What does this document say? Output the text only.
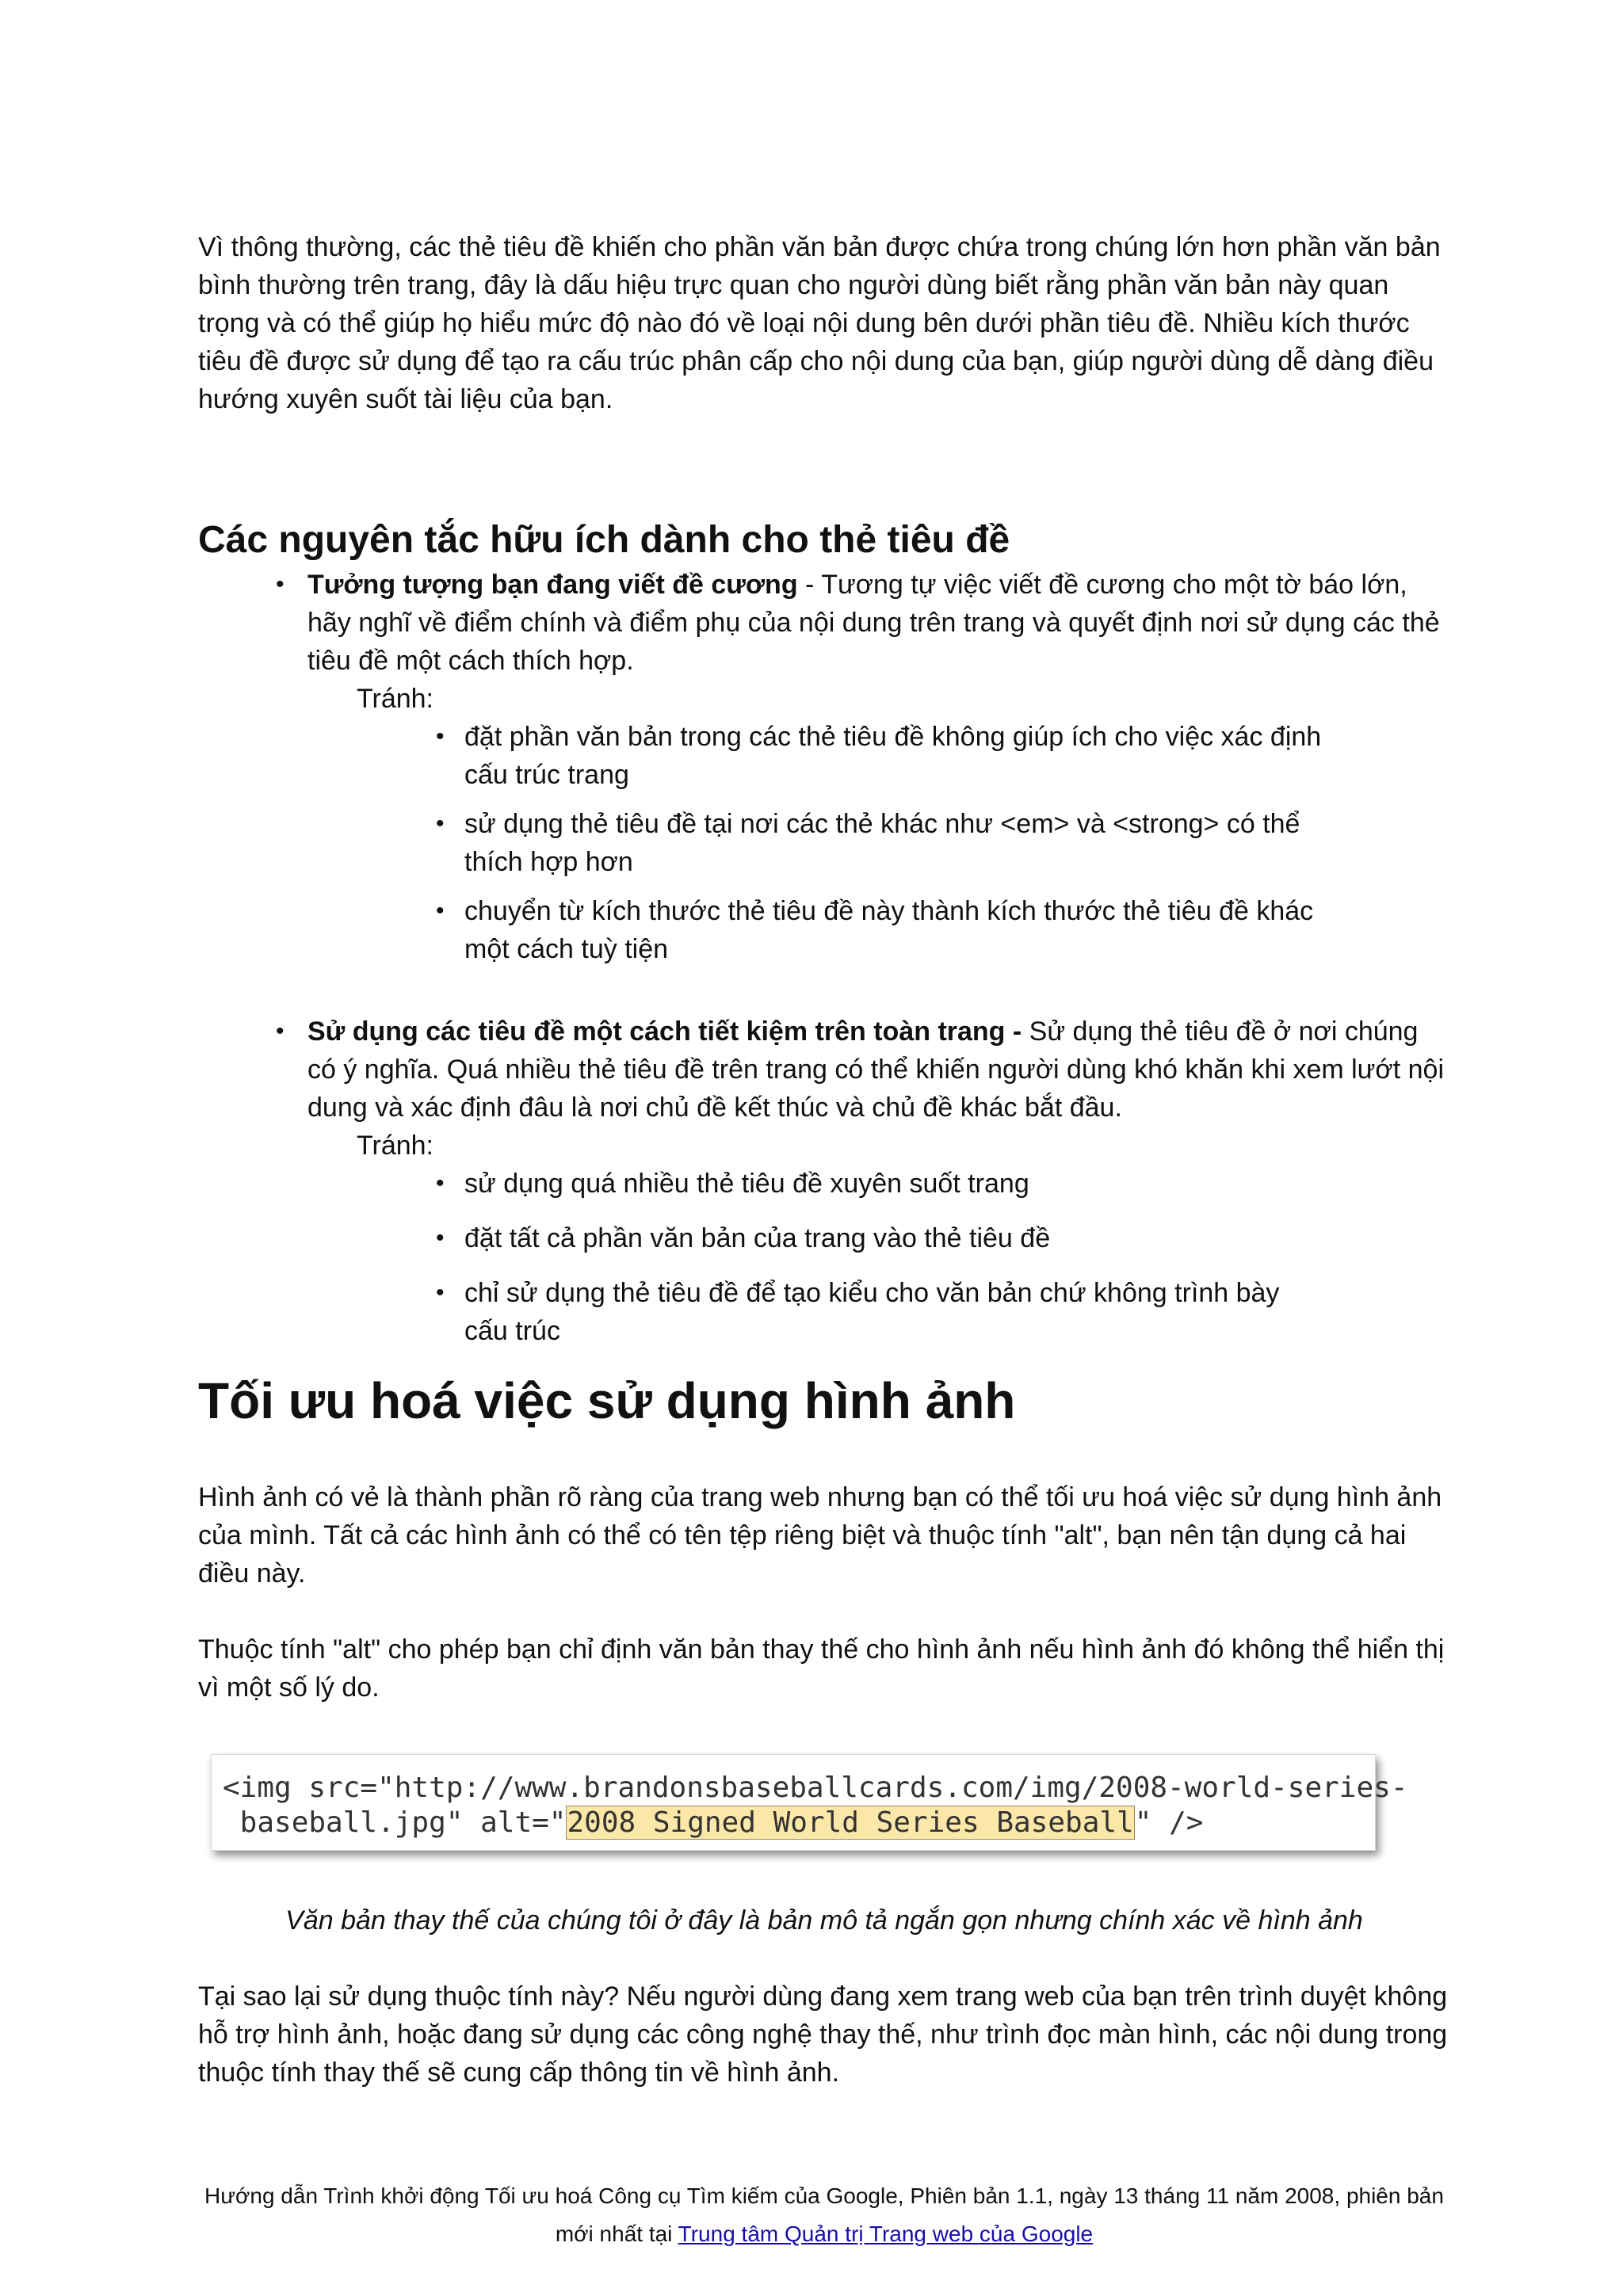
Vì thông thường, các thẻ tiêu đề khiến cho phần văn bản được chứa trong chúng lớn hơn phần văn bản bình thường trên trang, đây là dấu hiệu trực quan cho người dùng biết rằng phần văn bản này quan trọng và có thể giúp họ hiểu mức độ nào đó về loại nội dung bên dưới phần tiêu đề. Nhiều kích thước tiêu đề được sử dụng để tạo ra cấu trúc phân cấp cho nội dung của bạn, giúp người dùng dễ dàng điều hướng xuyên suốt tài liệu của bạn.

Các nguyên tắc hữu ích dành cho thẻ tiêu đề
• Tưởng tượng bạn đang viết đề cương - Tương tự việc viết đề cương cho một tờ báo lớn, hãy nghĩ về điểm chính và điểm phụ của nội dung trên trang và quyết định nơi sử dụng các thẻ tiêu đề một cách thích hợp.
Tránh:
• đặt phần văn bản trong các thẻ tiêu đề không giúp ích cho việc xác định cấu trúc trang
• sử dụng thẻ tiêu đề tại nơi các thẻ khác như <em> và <strong> có thể thích hợp hơn
• chuyển từ kích thước thẻ tiêu đề này thành kích thước thẻ tiêu đề khác một cách tuỳ tiện
• Sử dụng các tiêu đề một cách tiết kiệm trên toàn trang - Sử dụng thẻ tiêu đề ở nơi chúng có ý nghĩa. Quá nhiều thẻ tiêu đề trên trang có thể khiến người dùng khó khăn khi xem lướt nội dung và xác định đâu là nơi chủ đề kết thúc và chủ đề khác bắt đầu.
Tránh:
• sử dụng quá nhiều thẻ tiêu đề xuyên suốt trang
• đặt tất cả phần văn bản của trang vào thẻ tiêu đề
• chỉ sử dụng thẻ tiêu đề để tạo kiểu cho văn bản chứ không trình bày cấu trúc
Tối ưu hoá việc sử dụng hình ảnh

Hình ảnh có vẻ là thành phần rõ ràng của trang web nhưng bạn có thể tối ưu hoá việc sử dụng hình ảnh của mình. Tất cả các hình ảnh có thể có tên tệp riêng biệt và thuộc tính "alt", bạn nên tận dụng cả hai điều này.

Thuộc tính "alt" cho phép bạn chỉ định văn bản thay thế cho hình ảnh nếu hình ảnh đó không thể hiển thị vì một số lý do.

<img src="http://www.brandonsbaseballcards.com/img/2008-world-series-
baseball.jpg" alt="2008 Signed World Series Baseball" />
Văn bản thay thế của chúng tôi ở đây là bản mô tả ngắn gọn nhưng chính xác về hình ảnh

Tại sao lại sử dụng thuộc tính này? Nếu người dùng đang xem trang web của bạn trên trình duyệt không hỗ trợ hình ảnh, hoặc đang sử dụng các công nghệ thay thế, như trình đọc màn hình, các nội dung trong thuộc tính thay thế sẽ cung cấp thông tin về hình ảnh.

Hướng dẫn Trình khởi động Tối ưu hoá Công cụ Tìm kiếm của Google, Phiên bản 1.1, ngày 13 tháng 11 năm 2008, phiên bản mới nhất tại Trung tâm Quản trị Trang web của Google
